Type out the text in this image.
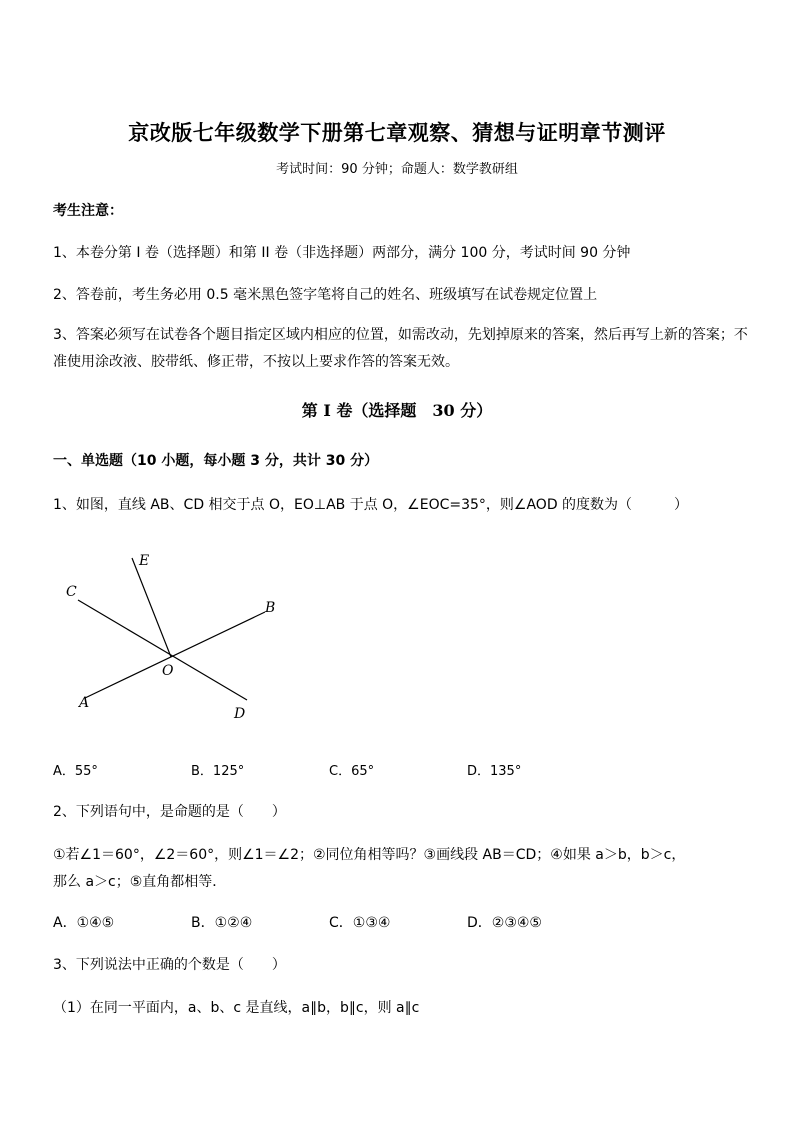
京改版七年级数学下册第七章观察、猜想与证明章节测评
考试时间：90 分钟；命题人：数学教研组
考生注意：
1、本卷分第 I 卷（选择题）和第 II 卷（非选择题）两部分，满分 100 分，考试时间 90 分钟
2、答卷前，考生务必用 0.5 毫米黑色签字笔将自己的姓名、班级填写在试卷规定位置上
3、答案必须写在试卷各个题目指定区域内相应的位置，如需改动，先划掉原来的答案，然后再写上新的答案；不准使用涂改液、胶带纸、修正带，不按以上要求作答的答案无效。
第 I 卷（选择题　30 分）
一、单选题（10 小题，每小题 3 分，共计 30 分）
1、如图，直线 AB、CD 相交于点 O，EO⊥AB 于点 O，∠EOC=35°，则∠AOD 的度数为（　　　）
E
C
B
O
A
D
A．55°	B．125°	C．65°	D．135°
2、下列语句中，是命题的是（　　）
①若∠1＝60°，∠2＝60°，则∠1＝∠2；②同位角相等吗？③画线段 AB＝CD；④如果 a＞b，b＞c，
那么 a＞c；⑤直角都相等．
A．①④⑤	B．①②④	C．①③④	D．②③④⑤
3、下列说法中正确的个数是（　　）
（1）在同一平面内，a、b、c 是直线，a∥b，b∥c，则 a∥c
